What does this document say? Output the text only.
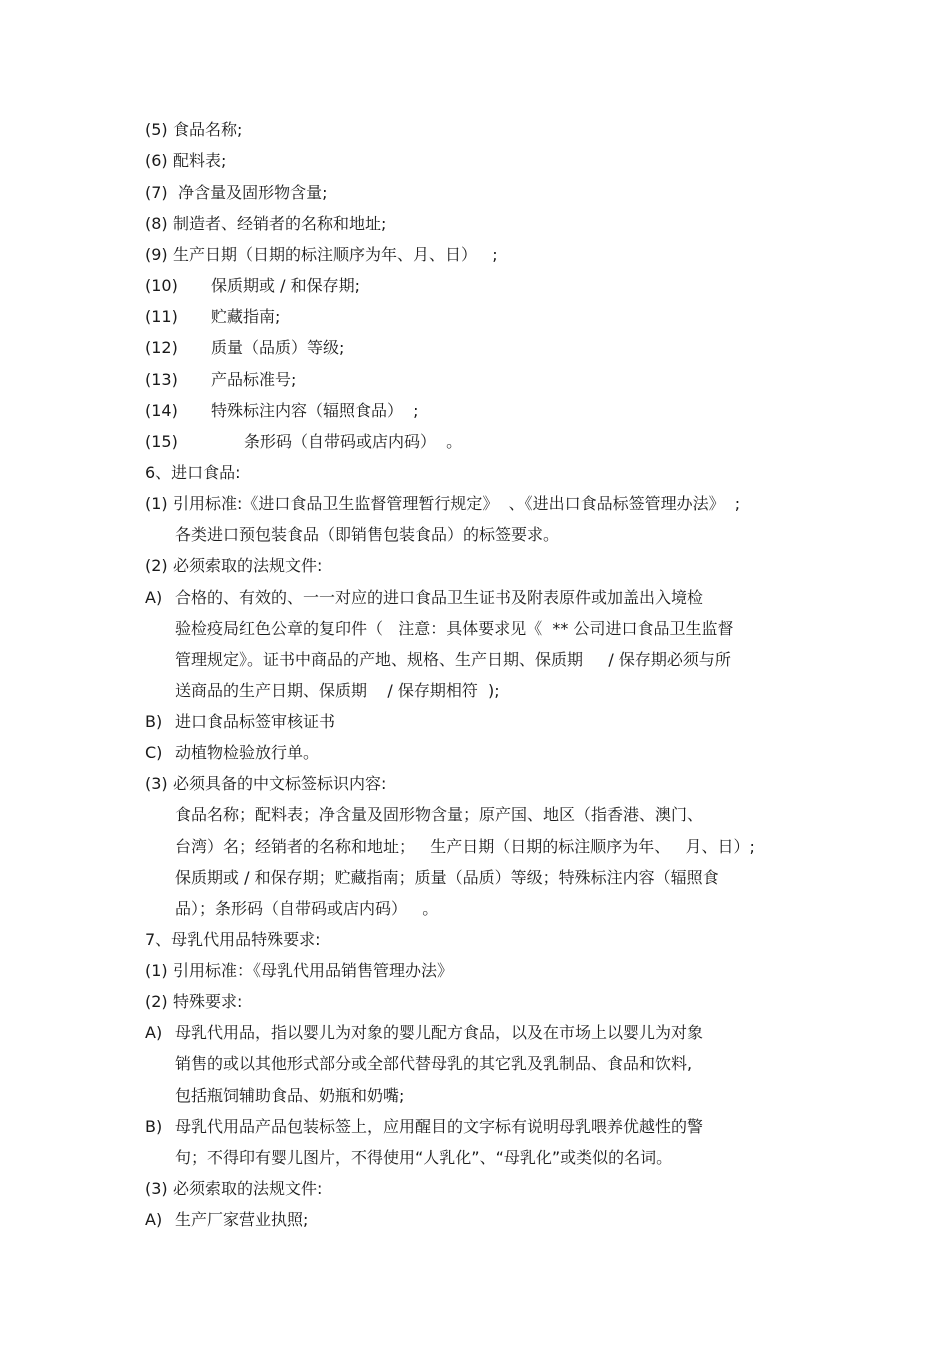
(5) 食品名称;
(6) 配料表;
(7) 净含量及固形物含量;
(8) 制造者、经销者的名称和地址;
(9) 生产日期（日期的标注顺序为年、月、日）   ;
(10) 保质期或 / 和保存期;
(11) 贮藏指南;
(12) 质量（品质）等级;
(13) 产品标准号;
(14) 特殊标注内容（辐照食品）  ;
(15)	条形码（自带码或店内码）  。
6、进口食品:
(1) 引用标准:《进口食品卫生监督管理暂行规定》  、《进出口食品标签管理办法》  ;
各类进口预包装食品（即销售包装食品）的标签要求。
(2) 必须索取的法规文件:
A) 合格的、有效的、一一对应的进口食品卫生证书及附表原件或加盖出入境检
验检疫局红色公章的复印件（   注意：具体要求见《  ** 公司进口食品卫生监督
管理规定》。证书中商品的产地、规格、生产日期、保质期     / 保存期必须与所
送商品的生产日期、保质期    / 保存期相符  );
B) 进口食品标签审核证书
C) 动植物检验放行单。
(3) 必须具备的中文标签标识内容:
食品名称；配料表；净含量及固形物含量；原产国、地区（指香港、澳门、
台湾）名；经销者的名称和地址；   生产日期（日期的标注顺序为年、   月、日）;
保质期或 / 和保存期；贮藏指南；质量（品质）等级；特殊标注内容（辐照食
品）；条形码（自带码或店内码）   。
7、母乳代用品特殊要求:
(1) 引用标准：《母乳代用品销售管理办法》
(2) 特殊要求:
A) 母乳代用品，指以婴儿为对象的婴儿配方食品，以及在市场上以婴儿为对象
销售的或以其他形式部分或全部代替母乳的其它乳及乳制品、食品和饮料,
包括瓶饲辅助食品、奶瓶和奶嘴;
B) 母乳代用品产品包装标签上，应用醒目的文字标有说明母乳喂养优越性的警
句；不得印有婴儿图片，不得使用“人乳化”、“母乳化”或类似的名词。
(3) 必须索取的法规文件:
A) 生产厂家营业执照;
